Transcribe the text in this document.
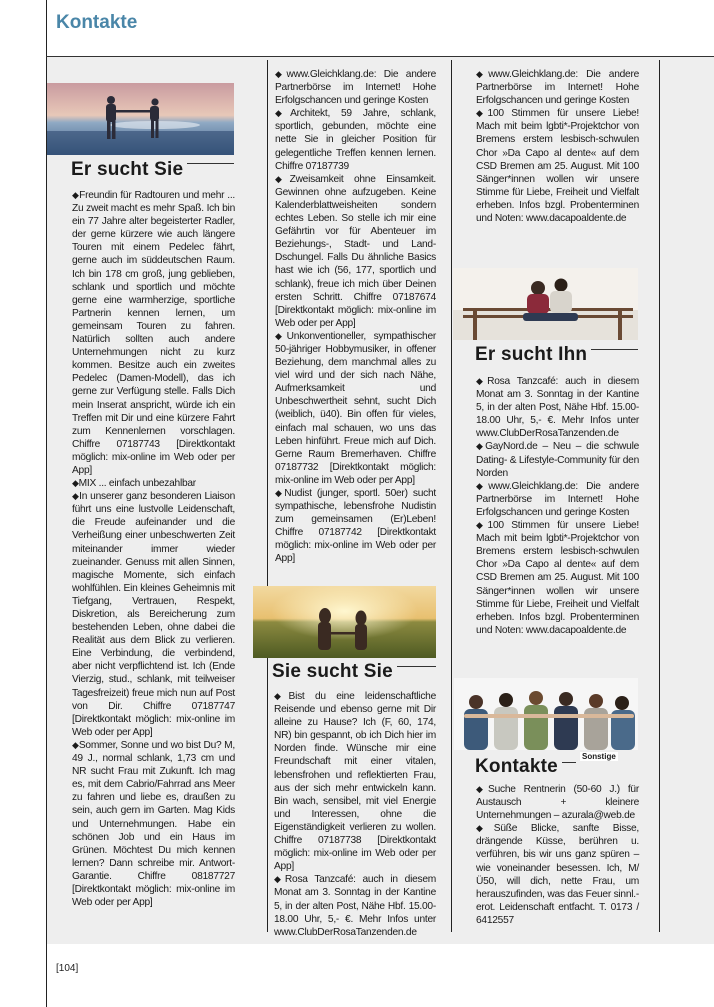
Kontakte
Er sucht Sie

◆Freundin für Radtouren und mehr ... Zu zweit macht es mehr Spaß. Ich bin ein 77 Jahre alter begeisterter Radler, der gerne kürzere wie auch längere Touren mit einem Pedelec fährt, gerne auch im süddeutschen Raum. Ich bin 178 cm groß, jung geblieben, schlank und sportlich und möchte gerne eine warmherzige, sportliche Partnerin kennen lernen, um gemeinsam Touren zu fahren. Natürlich sollten auch andere Unternehmungen nicht zu kurz kommen. Besitze auch ein zweites Pedelec (Damen-Modell), das ich gerne zur Verfügung stelle. Falls Dich mein Inserat anspricht, würde ich ein Treffen mit Dir und eine kürzere Fahrt zum Kennenlernen vorschlagen. Chiffre 07187743 [Direktkontakt möglich: mix-online im Web oder per App]

◆MIX ... einfach unbezahlbar

◆In unserer ganz besonderen Liaison führt uns eine lustvolle Leidenschaft, die Freude aufeinander und die Verheißung einer unbeschwerten Zeit miteinander immer wieder zueinander. Genuss mit allen Sinnen, magische Momente, sich einfach wohlfühlen. Ein kleines Geheimnis mit Tiefgang, Vertrauen, Respekt, Diskretion, als Bereicherung zum bestehenden Leben, ohne dabei die Realität aus dem Blick zu verlieren. Eine Verbindung, die verbindend, aber nicht verpflichtend ist. Ich (Ende Vierzig, stud., schlank, mit teilweiser Tagesfreizeit) freue mich nun auf Post von Dir. Chiffre 07187747 [Direktkontakt möglich: mix-online im Web oder per App]

◆Sommer, Sonne und wo bist Du? M, 49 J., normal schlank, 1,73 cm und NR sucht Frau mit Zukunft. Ich mag es, mit dem Cabrio/Fahrrad ans Meer zu fahren und liebe es, draußen zu sein, auch gern im Garten. Mag Kids und Unternehmungen. Habe ein schönen Job und ein Haus im Grünen. Möchtest Du mich kennen lernen? Dann schreibe mir. Antwort-Garantie. Chiffre 08187727 [Direktkontakt möglich: mix-online im Web oder per App]

◆www.Gleichklang.de: Die andere Partnerbörse im Internet! Hohe Erfolgschancen und geringe Kosten

◆Architekt, 59 Jahre, schlank, sportlich, gebunden, möchte eine nette Sie in gleicher Position für gelegentliche Treffen kennen lernen. Chiffre 07187739

◆Zweisamkeit ohne Einsamkeit. Gewinnen ohne aufzugeben. Keine Kalenderblattweisheiten sondern echtes Leben. So stelle ich mir eine Gefährtin vor für Abenteuer im Beziehungs-, Stadt- und Land-Dschungel. Falls Du ähnliche Basics hast wie ich (56, 177, sportlich und schlank), freue ich mich über Deinen ersten Schritt. Chiffre 07187674 [Direktkontakt möglich: mix-online im Web oder per App]

◆Unkonventioneller, sympathischer 50-jähriger Hobbymusiker, in offener Beziehung, dem manchmal alles zu viel wird und der sich nach Nähe, Aufmerksamkeit und Unbeschwertheit sehnt, sucht Dich (weiblich, ü40). Bin offen für vieles, einfach mal schauen, wo uns das Leben hinführt. Freue mich auf Dich. Gerne Raum Bremerhaven. Chiffre 07187732 [Direktkontakt möglich: mix-online im Web oder per App]

◆Nudist (junger, sportl. 50er) sucht sympathische, lebensfrohe Nudistin zum gemeinsamen (Er)Leben! Chiffre 07187742 [Direktkontakt möglich: mix-online im Web oder per App]

Sie sucht Sie

◆Bist du eine leidenschaftliche Reisende und ebenso gerne mit Dir alleine zu Hause? Ich (F, 60, 174, NR) bin gespannt, ob ich Dich hier im Norden finde. Wünsche mir eine Freundschaft mit einer vitalen, lebensfrohen und reflektierten Frau, aus der sich mehr entwickeln kann. Bin wach, sensibel, mit viel Energie und Interessen, ohne die Eigenständigkeit verlieren zu wollen. Chiffre 07187738 [Direktkontakt möglich: mix-online im Web oder per App]

◆Rosa Tanzcafé: auch in diesem Monat am 3. Sonntag in der Kantine 5, in der alten Post, Nähe Hbf. 15.00-18.00 Uhr, 5,- €. Mehr Infos unter www.ClubDerRosaTanzenden.de

◆www.Gleichklang.de: Die andere Partnerbörse im Internet! Hohe Erfolgschancen und geringe Kosten

◆100 Stimmen für unsere Liebe! Mach mit beim lgbti*-Projektchor von Bremens erstem lesbisch-schwulen Chor »Da Capo al dente« auf dem CSD Bremen am 25. August. Mit 100 Sänger*innen wollen wir unsere Stimme für Liebe, Freiheit und Vielfalt erheben. Infos bzgl. Probenterminen und Noten: www.dacapoaldente.de

Er sucht Ihn

◆Rosa Tanzcafé: auch in diesem Monat am 3. Sonntag in der Kantine 5, in der alten Post, Nähe Hbf. 15.00-18.00 Uhr, 5,- €. Mehr Infos unter www.ClubDerRosaTanzenden.de

◆GayNord.de – Neu – die schwule Dating- & Lifestyle-Community für den Norden

◆www.Gleichklang.de: Die andere Partnerbörse im Internet! Hohe Erfolgschancen und geringe Kosten

◆100 Stimmen für unsere Liebe! Mach mit beim lgbti*-Projektchor von Bremens erstem lesbisch-schwulen Chor »Da Capo al dente« auf dem CSD Bremen am 25. August. Mit 100 Sänger*innen wollen wir unsere Stimme für Liebe, Freiheit und Vielfalt erheben. Infos bzgl. Probenterminen und Noten: www.dacapoaldente.de

Sonstige
Kontakte

◆Suche Rentnerin (50-60 J.) für Austausch + kleinere Unternehmungen – azurala@web.de

◆Süße Blicke, sanfte Bisse, drängende Küsse, berühren u. verführen, bis wir uns ganz spüren – wie voneinander besessen. Ich, M/Ü50, will dich, nette Frau, um herauszufinden, was das Feuer sinnl.-erot. Leidenschaft entfacht. T. 0173 / 6412557

[104]
